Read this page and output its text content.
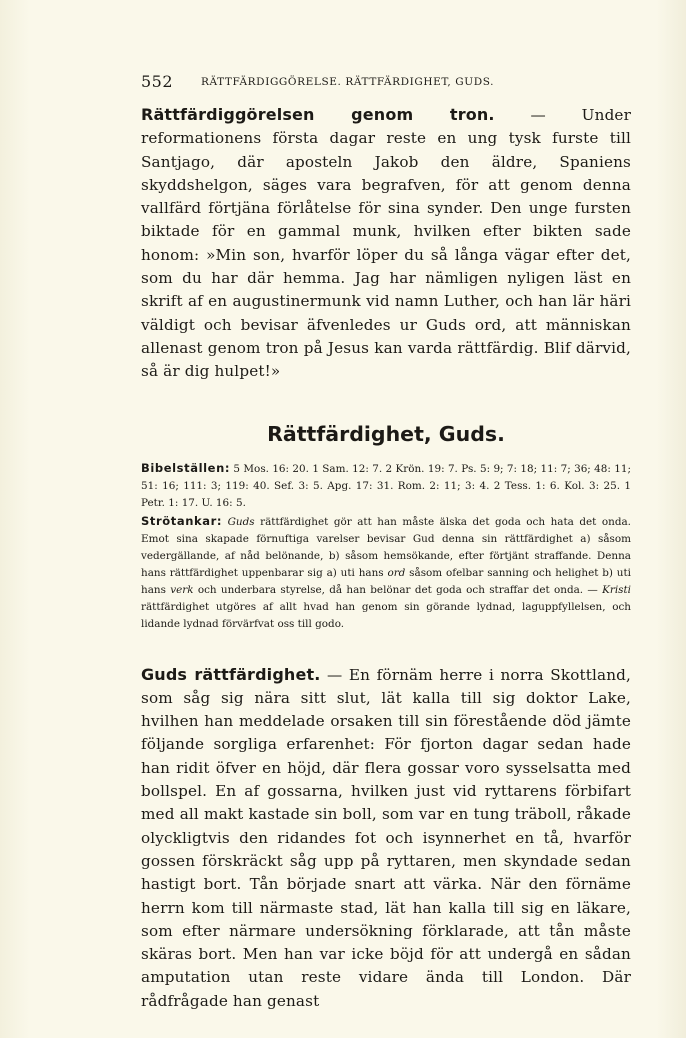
552	RÄTTFÄRDIGGÖRELSE. RÄTTFÄRDIGHET, GUDS.

Rättfärdiggörelsen genom tron. — Under reformationens första dagar reste en ung tysk furste till Santjago, där aposteln Jakob den äldre, Spaniens skyddshelgon, säges vara begrafven, för att genom denna vallfärd förtjäna förlåtelse för sina synder. Den unge fursten biktade för en gammal munk, hvilken efter bikten sade honom: »Min son, hvarför löper du så långa vägar efter det, som du har där hemma. Jag har nämligen nyligen läst en skrift af en augustinermunk vid namn Luther, och han lär häri väldigt och bevisar äfvenledes ur Guds ord, att människan allenast genom tron på Jesus kan varda rättfärdig. Blif därvid, så är dig hulpet!»

Rättfärdighet, Guds.

Bibelställen: 5 Mos. 16: 20. 1 Sam. 12: 7. 2 Krön. 19: 7. Ps. 5: 9; 7: 18; 11: 7; 36; 48: 11; 51: 16; 111: 3; 119: 40. Sef. 3: 5. Apg. 17: 31. Rom. 2: 11; 3: 4. 2 Tess. 1: 6. Kol. 3: 25. 1 Petr. 1: 17. U. 16: 5.

Strötankar: Guds rättfärdighet gör att han måste älska det goda och hata det onda. Emot sina skapade förnuftiga varelser bevisar Gud denna sin rättfärdighet a) såsom vedergällande, af nåd belönande, b) såsom hemsökande, efter förtjänt straffande. Denna hans rättfärdighet uppenbarar sig a) uti hans ord såsom ofelbar sanning och helighet b) uti hans verk och underbara styrelse, då han belönar det goda och straffar det onda. — Kristi rättfärdighet utgöres af allt hvad han genom sin görande lydnad, laguppfyllelsen, och lidande lydnad förvärfvat oss till godo.

Guds rättfärdighet. — En förnäm herre i norra Skottland, som såg sig nära sitt slut, lät kalla till sig doktor Lake, hvilhen han meddelade orsaken till sin förestående död jämte följande sorgliga erfarenhet: För fjorton dagar sedan hade han ridit öfver en höjd, där flera gossar voro sysselsatta med bollspel. En af gossarna, hvilken just vid ryttarens förbifart med all makt kastade sin boll, som var en tung träboll, råkade olyckligtvis den ridandes fot och isynnerhet en tå, hvarför gossen förskräckt såg upp på ryttaren, men skyndade sedan hastigt bort. Tån började snart att värka. När den förnäme herrn kom till närmaste stad, lät han kalla till sig en läkare, som efter närmare undersökning förklarade, att tån måste skäras bort. Men han var icke böjd för att undergå en sådan amputation utan reste vidare ända till London. Där rådfrågade han genast
